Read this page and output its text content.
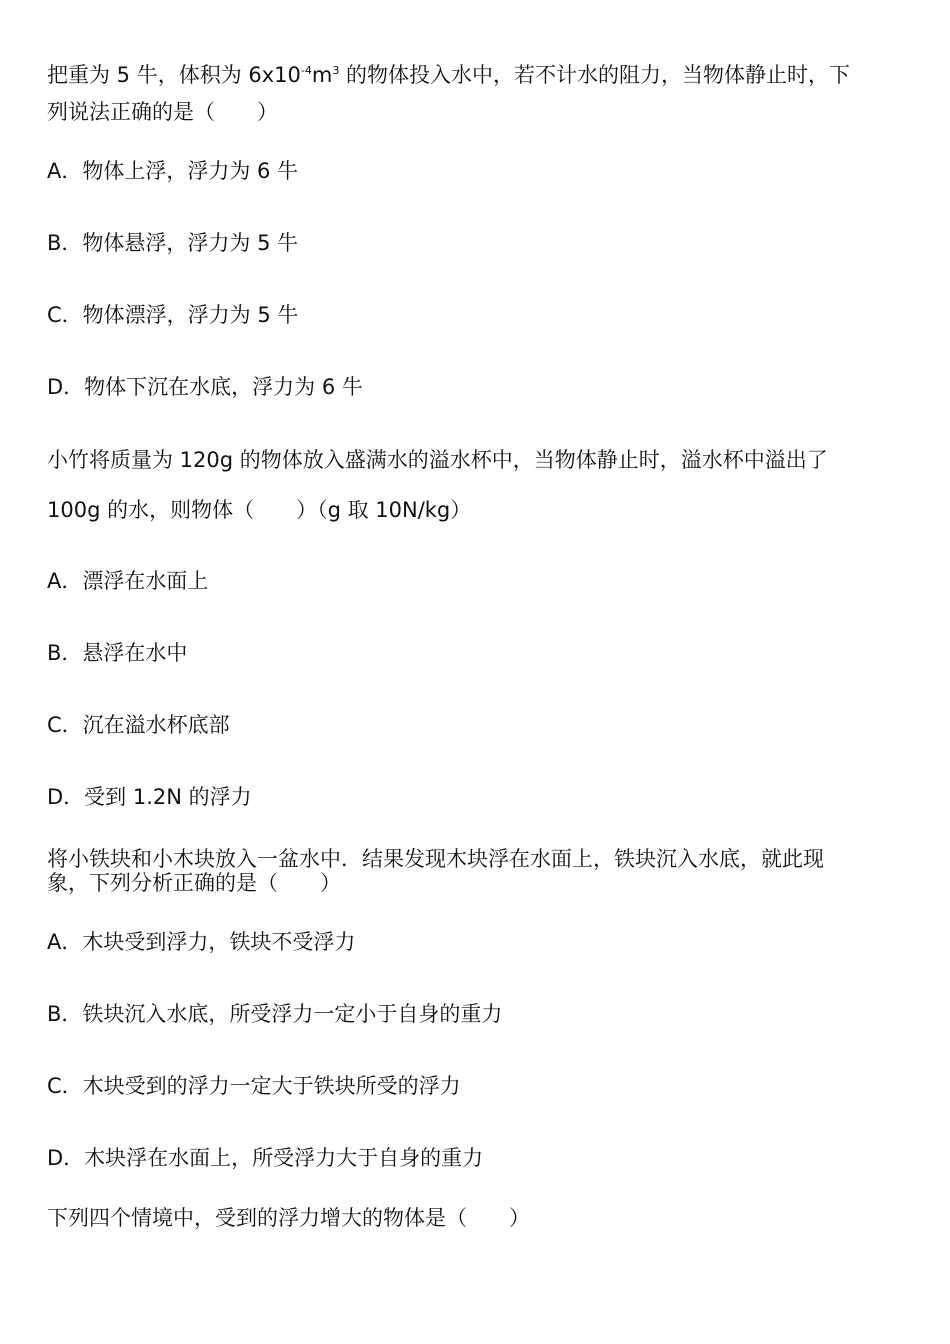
把重为 5 牛，体积为 $6x10^{-4}m^3$ 的物体投入水中，若不计水的阻力，当物体静止时，下
列说法正确的是（　　）
A．物体上浮，浮力为 6 牛
B．物体悬浮，浮力为 5 牛
C．物体漂浮，浮力为 5 牛
D．物体下沉在水底，浮力为 6 牛
小竹将质量为 120g 的物体放入盛满水的溢水杯中，当物体静止时，溢水杯中溢出了
100g 的水，则物体（　　）（g 取 10N/kg）
A．漂浮在水面上
B．悬浮在水中
C．沉在溢水杯底部
D．受到 1.2N 的浮力
将小铁块和小木块放入一盆水中．结果发现木块浮在水面上，铁块沉入水底，就此现
象，下列分析正确的是（　　）
A．木块受到浮力，铁块不受浮力
B．铁块沉入水底，所受浮力一定小于自身的重力
C．木块受到的浮力一定大于铁块所受的浮力
D．木块浮在水面上，所受浮力大于自身的重力
下列四个情境中，受到的浮力增大的物体是（　　）
